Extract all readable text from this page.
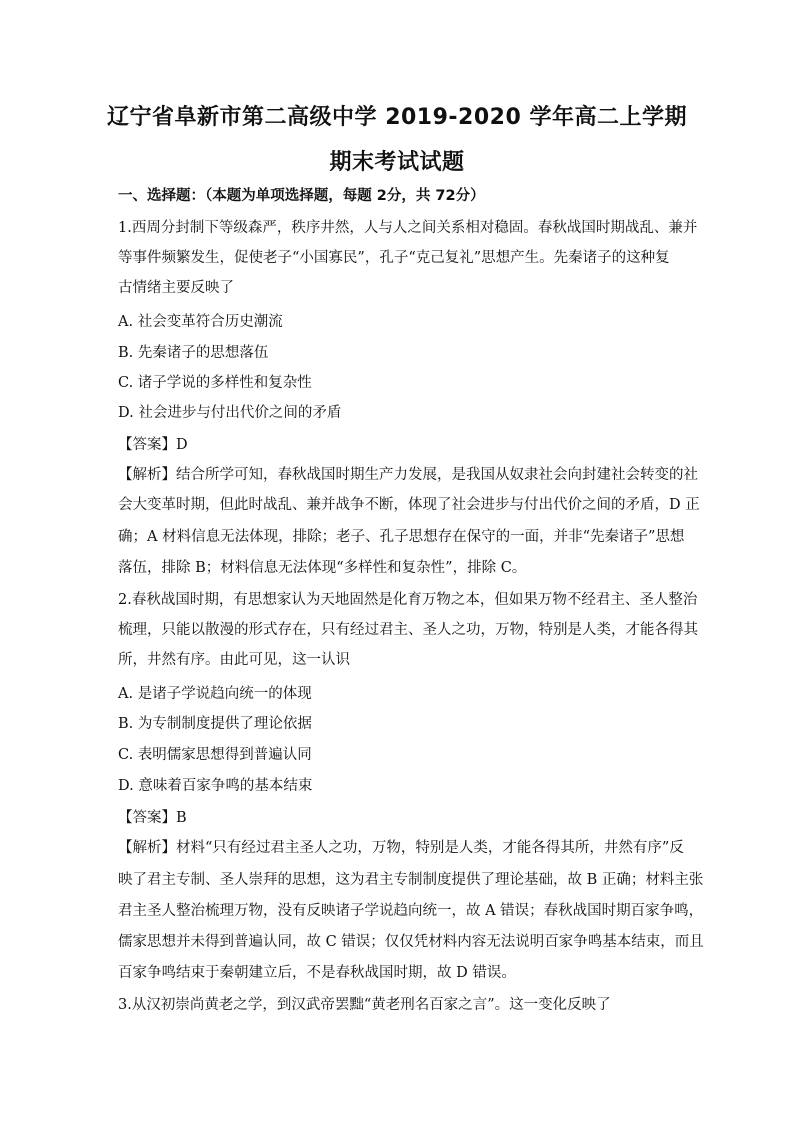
辽宁省阜新市第二高级中学 2019-2020 学年高二上学期
期末考试试题
一、选择题：（本题为单项选择题，每题 2分，共 72分）
1.西周分封制下等级森严，秩序井然，人与人之间关系相对稳固。春秋战国时期战乱、兼并
等事件频繁发生，促使老子“小国寡民”，孔子“克己复礼”思想产生。先秦诸子的这种复
古情绪主要反映了
A. 社会变革符合历史潮流
B. 先秦诸子的思想落伍
C. 诸子学说的多样性和复杂性
D. 社会进步与付出代价之间的矛盾
【答案】D
【解析】结合所学可知，春秋战国时期生产力发展，是我国从奴隶社会向封建社会转变的社
会大变革时期，但此时战乱、兼并战争不断，体现了社会进步与付出代价之间的矛盾，D 正
确；A 材料信息无法体现，排除；老子、孔子思想存在保守的一面，并非“先秦诸子”思想
落伍，排除 B；材料信息无法体现“多样性和复杂性”，排除 C。
2.春秋战国时期，有思想家认为天地固然是化育万物之本，但如果万物不经君主、圣人整治
梳理，只能以散漫的形式存在，只有经过君主、圣人之功，万物，特别是人类，才能各得其
所，井然有序。由此可见，这一认识
A. 是诸子学说趋向统一的体现
B. 为专制制度提供了理论依据
C. 表明儒家思想得到普遍认同
D. 意味着百家争鸣的基本结束
【答案】B
【解析】材料“只有经过君主圣人之功，万物，特别是人类，才能各得其所，井然有序”反
映了君主专制、圣人崇拜的思想，这为君主专制制度提供了理论基础，故 B 正确；材料主张
君主圣人整治梳理万物，没有反映诸子学说趋向统一，故 A 错误；春秋战国时期百家争鸣，
儒家思想并未得到普遍认同，故 C 错误；仅仅凭材料内容无法说明百家争鸣基本结束，而且
百家争鸣结束于秦朝建立后，不是春秋战国时期，故 D 错误。
3.从汉初崇尚黄老之学，到汉武帝罢黜“黄老刑名百家之言”。这一变化反映了
